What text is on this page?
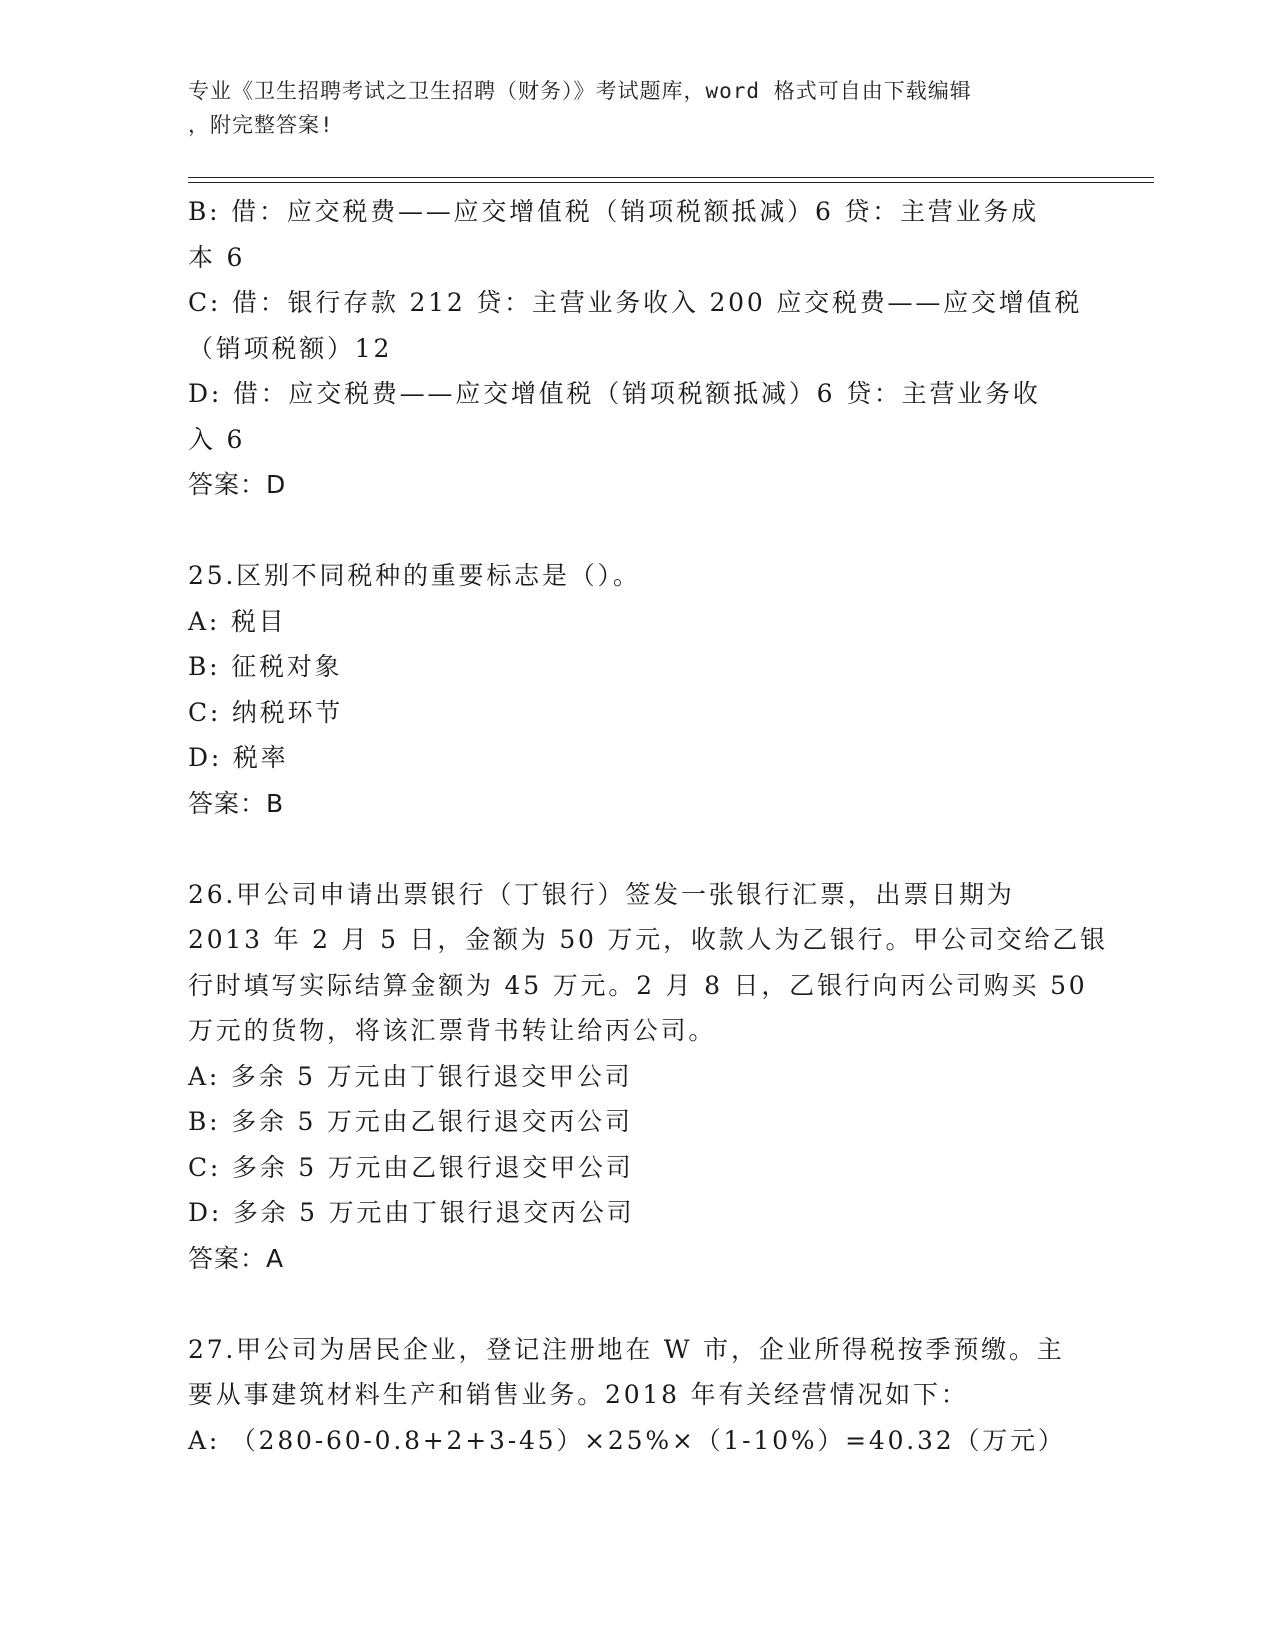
专业《卫生招聘考试之卫生招聘（财务）》考试题库，word 格式可自由下载编辑
，附完整答案!
B: 借：应交税费——应交增值税（销项税额抵减）6 贷：主营业务成
本 6
C: 借：银行存款 212 贷：主营业务收入 200 应交税费——应交增值税
（销项税额）12
D: 借：应交税费——应交增值税（销项税额抵减）6 贷：主营业务收
入 6
答案：D
25.区别不同税种的重要标志是（）。
A: 税目
B: 征税对象
C: 纳税环节
D: 税率
答案：B
26.甲公司申请出票银行（丁银行）签发一张银行汇票，出票日期为
2013 年 2 月 5 日，金额为 50 万元，收款人为乙银行。甲公司交给乙银
行时填写实际结算金额为 45 万元。2 月 8 日，乙银行向丙公司购买 50
万元的货物，将该汇票背书转让给丙公司。
A: 多余 5 万元由丁银行退交甲公司
B: 多余 5 万元由乙银行退交丙公司
C: 多余 5 万元由乙银行退交甲公司
D: 多余 5 万元由丁银行退交丙公司
答案：A
27.甲公司为居民企业，登记注册地在 W 市，企业所得税按季预缴。主
要从事建筑材料生产和销售业务。2018 年有关经营情况如下：
A: （280-60-0.8+2+3-45）×25%×（1-10%）=40.32（万元）
